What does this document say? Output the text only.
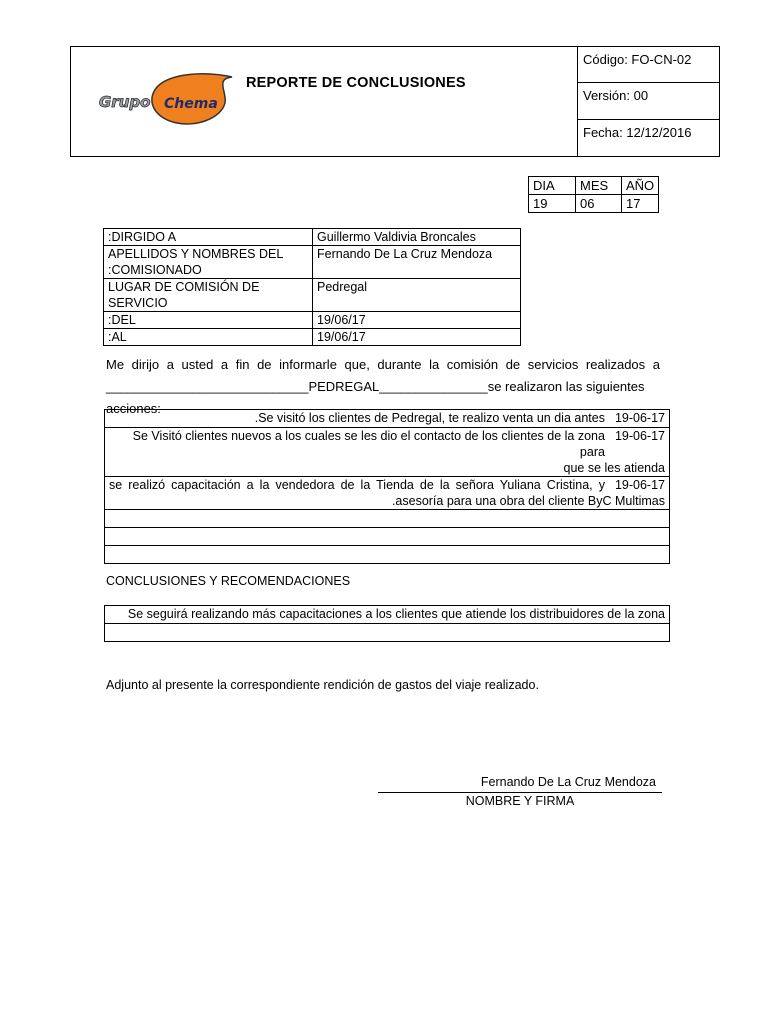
Grupo Chema
REPORTE DE CONCLUSIONES
Código: FO-CN-02
Versión: 00
Fecha: 12/12/2016
DIA	MES	AÑO
19	06	17
:DIRGIDO A	Guillermo Valdivia Broncales

APELLIDOS Y NOMBRES DEL
:COMISIONADO	Fernando De La Cruz Mendoza
LUGAR DE COMISIÓN DE SERVICIO	Pedregal
:DEL	19/06/17
:AL	19/06/17
Me dirijo a usted a fin de informarle que, durante la comisión de servicios realizados a
____________________________PEDREGAL_______________se realizaron las siguientes acciones:
.Se visitó los clientes de Pedregal, te realizo venta un dia antes 19-06-17

Se Visitó clientes nuevos a los cuales se les dio el contacto de los clientes de la zona para
19-06-17
que se les atienda

se realizó capacitación a la vendedora de la Tienda de la señora Yuliana Cristina, y 19-06-17
.asesoría para una obra del cliente ByC Multimas

CONCLUSIONES Y RECOMENDACIONES
Se seguirá realizando más capacitaciones a los clientes que atiende los distribuidores de la zona

Adjunto al presente la correspondiente rendición de gastos del viaje realizado.
Fernando De La Cruz Mendoza
NOMBRE Y FIRMA
